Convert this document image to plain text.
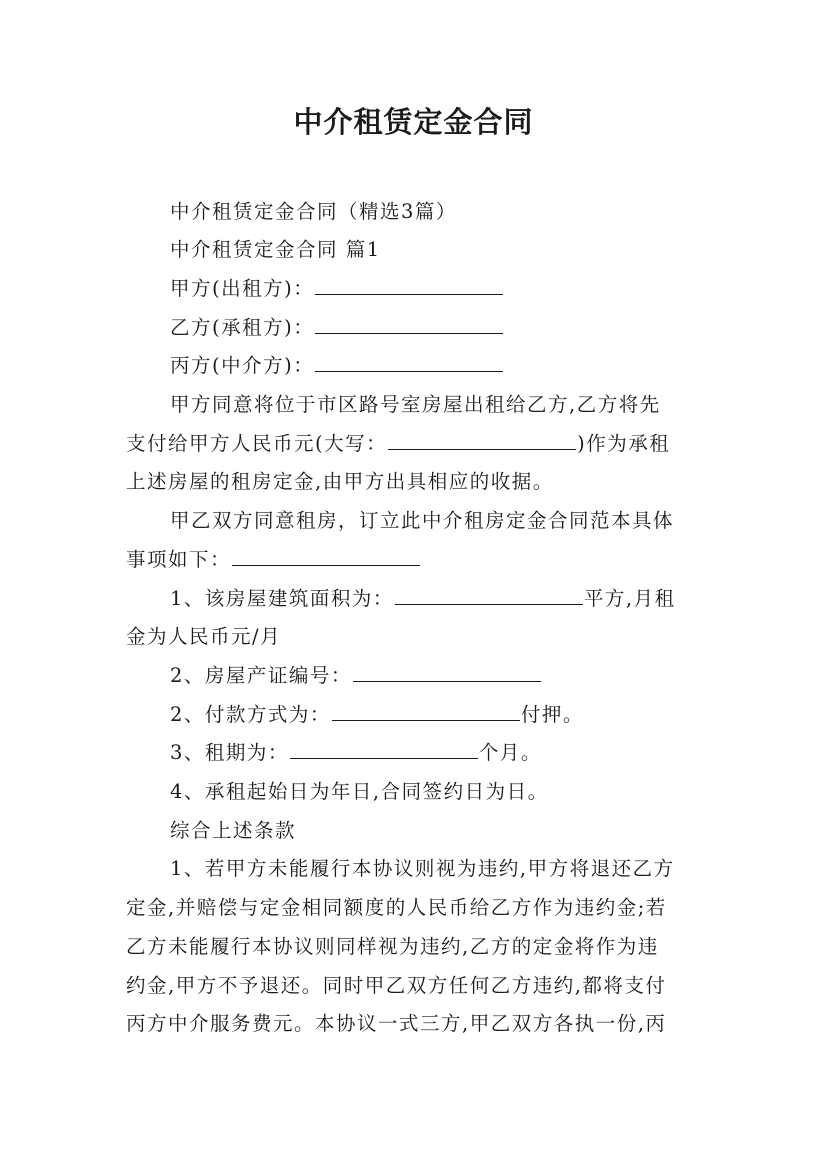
中介租赁定金合同
中介租赁定金合同（精选3篇）
中介租赁定金合同 篇1
甲方(出租方)：
乙方(承租方)：
丙方(中介方)：
甲方同意将位于市区路号室房屋出租给乙方,乙方将先
支付给甲方人民币元(大写：	)作为承租
上述房屋的租房定金,由甲方出具相应的收据。
甲乙双方同意租房，订立此中介租房定金合同范本具体
事项如下：
1、该房屋建筑面积为：	平方,月租
金为人民币元/月
2、房屋产证编号：
2、付款方式为：	付押。
3、租期为：	个月。
4、承租起始日为年日,合同签约日为日。
综合上述条款
1、若甲方未能履行本协议则视为违约,甲方将退还乙方
定金,并赔偿与定金相同额度的人民币给乙方作为违约金;若
乙方未能履行本协议则同样视为违约,乙方的定金将作为违
约金,甲方不予退还。同时甲乙双方任何乙方违约,都将支付
丙方中介服务费元。本协议一式三方,甲乙双方各执一份,丙
